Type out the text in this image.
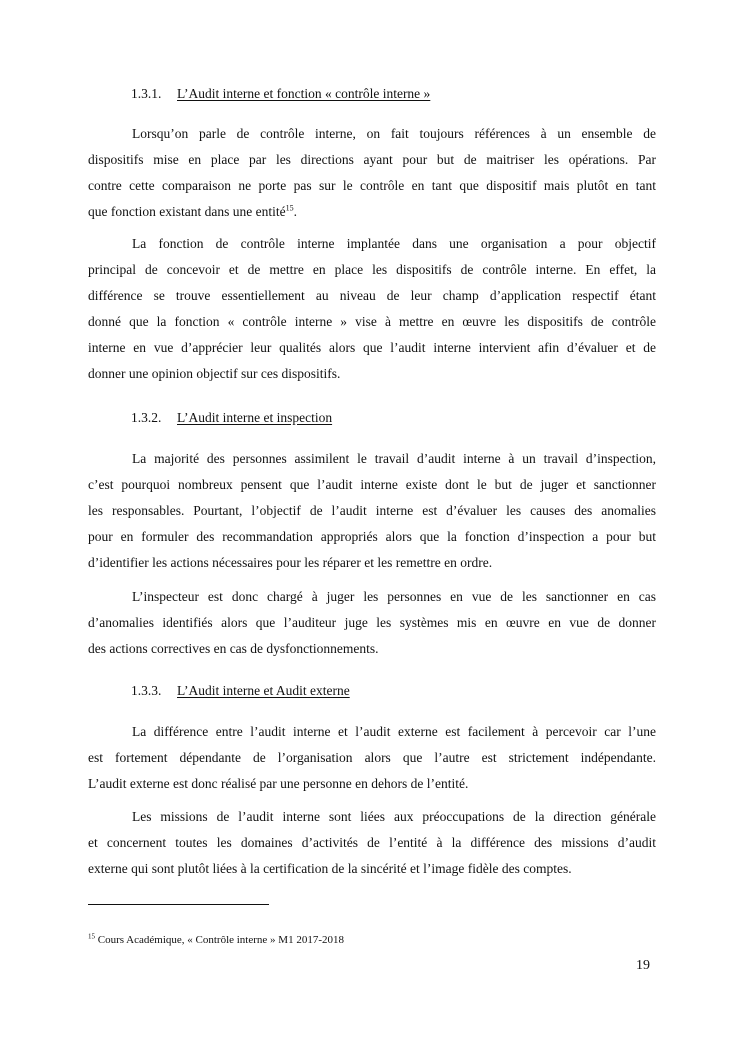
1.3.1. L’Audit interne et fonction « contrôle interne »
Lorsqu’on parle de contrôle interne, on fait toujours références à un ensemble de
dispositifs mise en place par les directions ayant pour but de maitriser les opérations. Par
contre cette comparaison ne porte pas sur le contrôle en tant que dispositif mais plutôt en tant
que fonction existant dans une entité$^{15}$.
La fonction de contrôle interne implantée dans une organisation a pour objectif
principal de concevoir et de mettre en place les dispositifs de contrôle interne. En effet, la
différence se trouve essentiellement au niveau de leur champ d’application respectif étant
donné que la fonction « contrôle interne » vise à mettre en œuvre les dispositifs de contrôle
interne en vue d’apprécier leur qualités alors que l’audit interne intervient afin d’évaluer et de
donner une opinion objectif sur ces dispositifs.
1.3.2. L’Audit interne et inspection
La majorité des personnes assimilent le travail d’audit interne à un travail d’inspection,
c’est pourquoi nombreux pensent que l’audit interne existe dont le but de juger et sanctionner
les responsables. Pourtant, l’objectif de l’audit interne est d’évaluer les causes des anomalies
pour en formuler des recommandation appropriés alors que la fonction d’inspection a pour but
d’identifier les actions nécessaires pour les réparer et les remettre en ordre.
L’inspecteur est donc chargé à juger les personnes en vue de les sanctionner en cas
d’anomalies identifiés alors que l’auditeur juge les systèmes mis en œuvre en vue de donner
des actions correctives en cas de dysfonctionnements.
1.3.3. L’Audit interne et Audit externe
La différence entre l’audit interne et l’audit externe est facilement à percevoir car l’une
est fortement dépendante de l’organisation alors que l’autre est strictement indépendante.
L’audit externe est donc réalisé par une personne en dehors de l’entité.
Les missions de l’audit interne sont liées aux préoccupations de la direction générale
et concernent toutes les domaines d’activités de l’entité à la différence des missions d’audit
externe qui sont plutôt liées à la certification de la sincérité et l’image fidèle des comptes.
$^{15}$ Cours Académique, « Contrôle interne » M1 2017-2018
19
